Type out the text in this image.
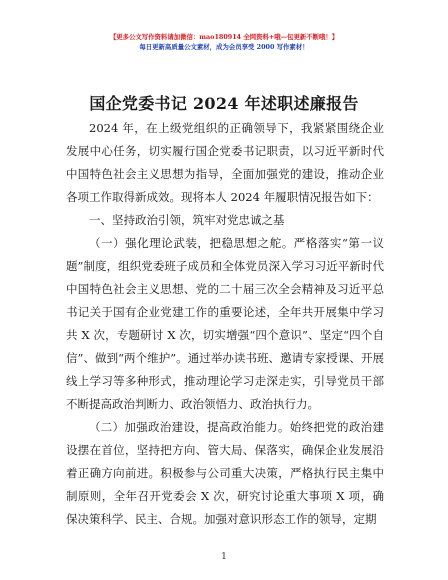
【更多公文写作资料请加微信：mao180914 全网资料+哦—包更新不断哦！】
每日更新高质量公文素材，成为会员享受 2000 写作素材！
国企党委书记 2024 年述职述廉报告

2024 年，在上级党组织的正确领导下，我紧紧围绕企业发展中心任务，切实履行国企党委书记职责，以习近平新时代中国特色社会主义思想为指导，全面加强党的建设，推动企业各项工作取得新成效。现将本人 2024 年履职情况报告如下：

一、坚持政治引领，筑牢对党忠诚之基

（一）强化理论武装，把稳思想之舵。严格落实“第一议题”制度，组织党委班子成员和全体党员深入学习习近平新时代中国特色社会主义思想、党的二十届三次全会精神及习近平总书记关于国有企业党建工作的重要论述，全年共开展集中学习共 X 次，专题研讨 X 次，切实增强“四个意识”、坚定“四个自信”、做到“两个维护”。通过举办读书班、邀请专家授课、开展线上学习等多种形式，推动理论学习走深走实，引导党员干部不断提高政治判断力、政治领悟力、政治执行力。

（二）加强政治建设，提高政治能力。始终把党的政治建设摆在首位，坚持把方向、管大局、保落实，确保企业发展沿着正确方向前进。积极参与公司重大决策，严格执行民主集中制原则，全年召开党委会 X 次，研究讨论重大事项 X 项，确保决策科学、民主、合规。加强对意识形态工作的领导，定期

1
